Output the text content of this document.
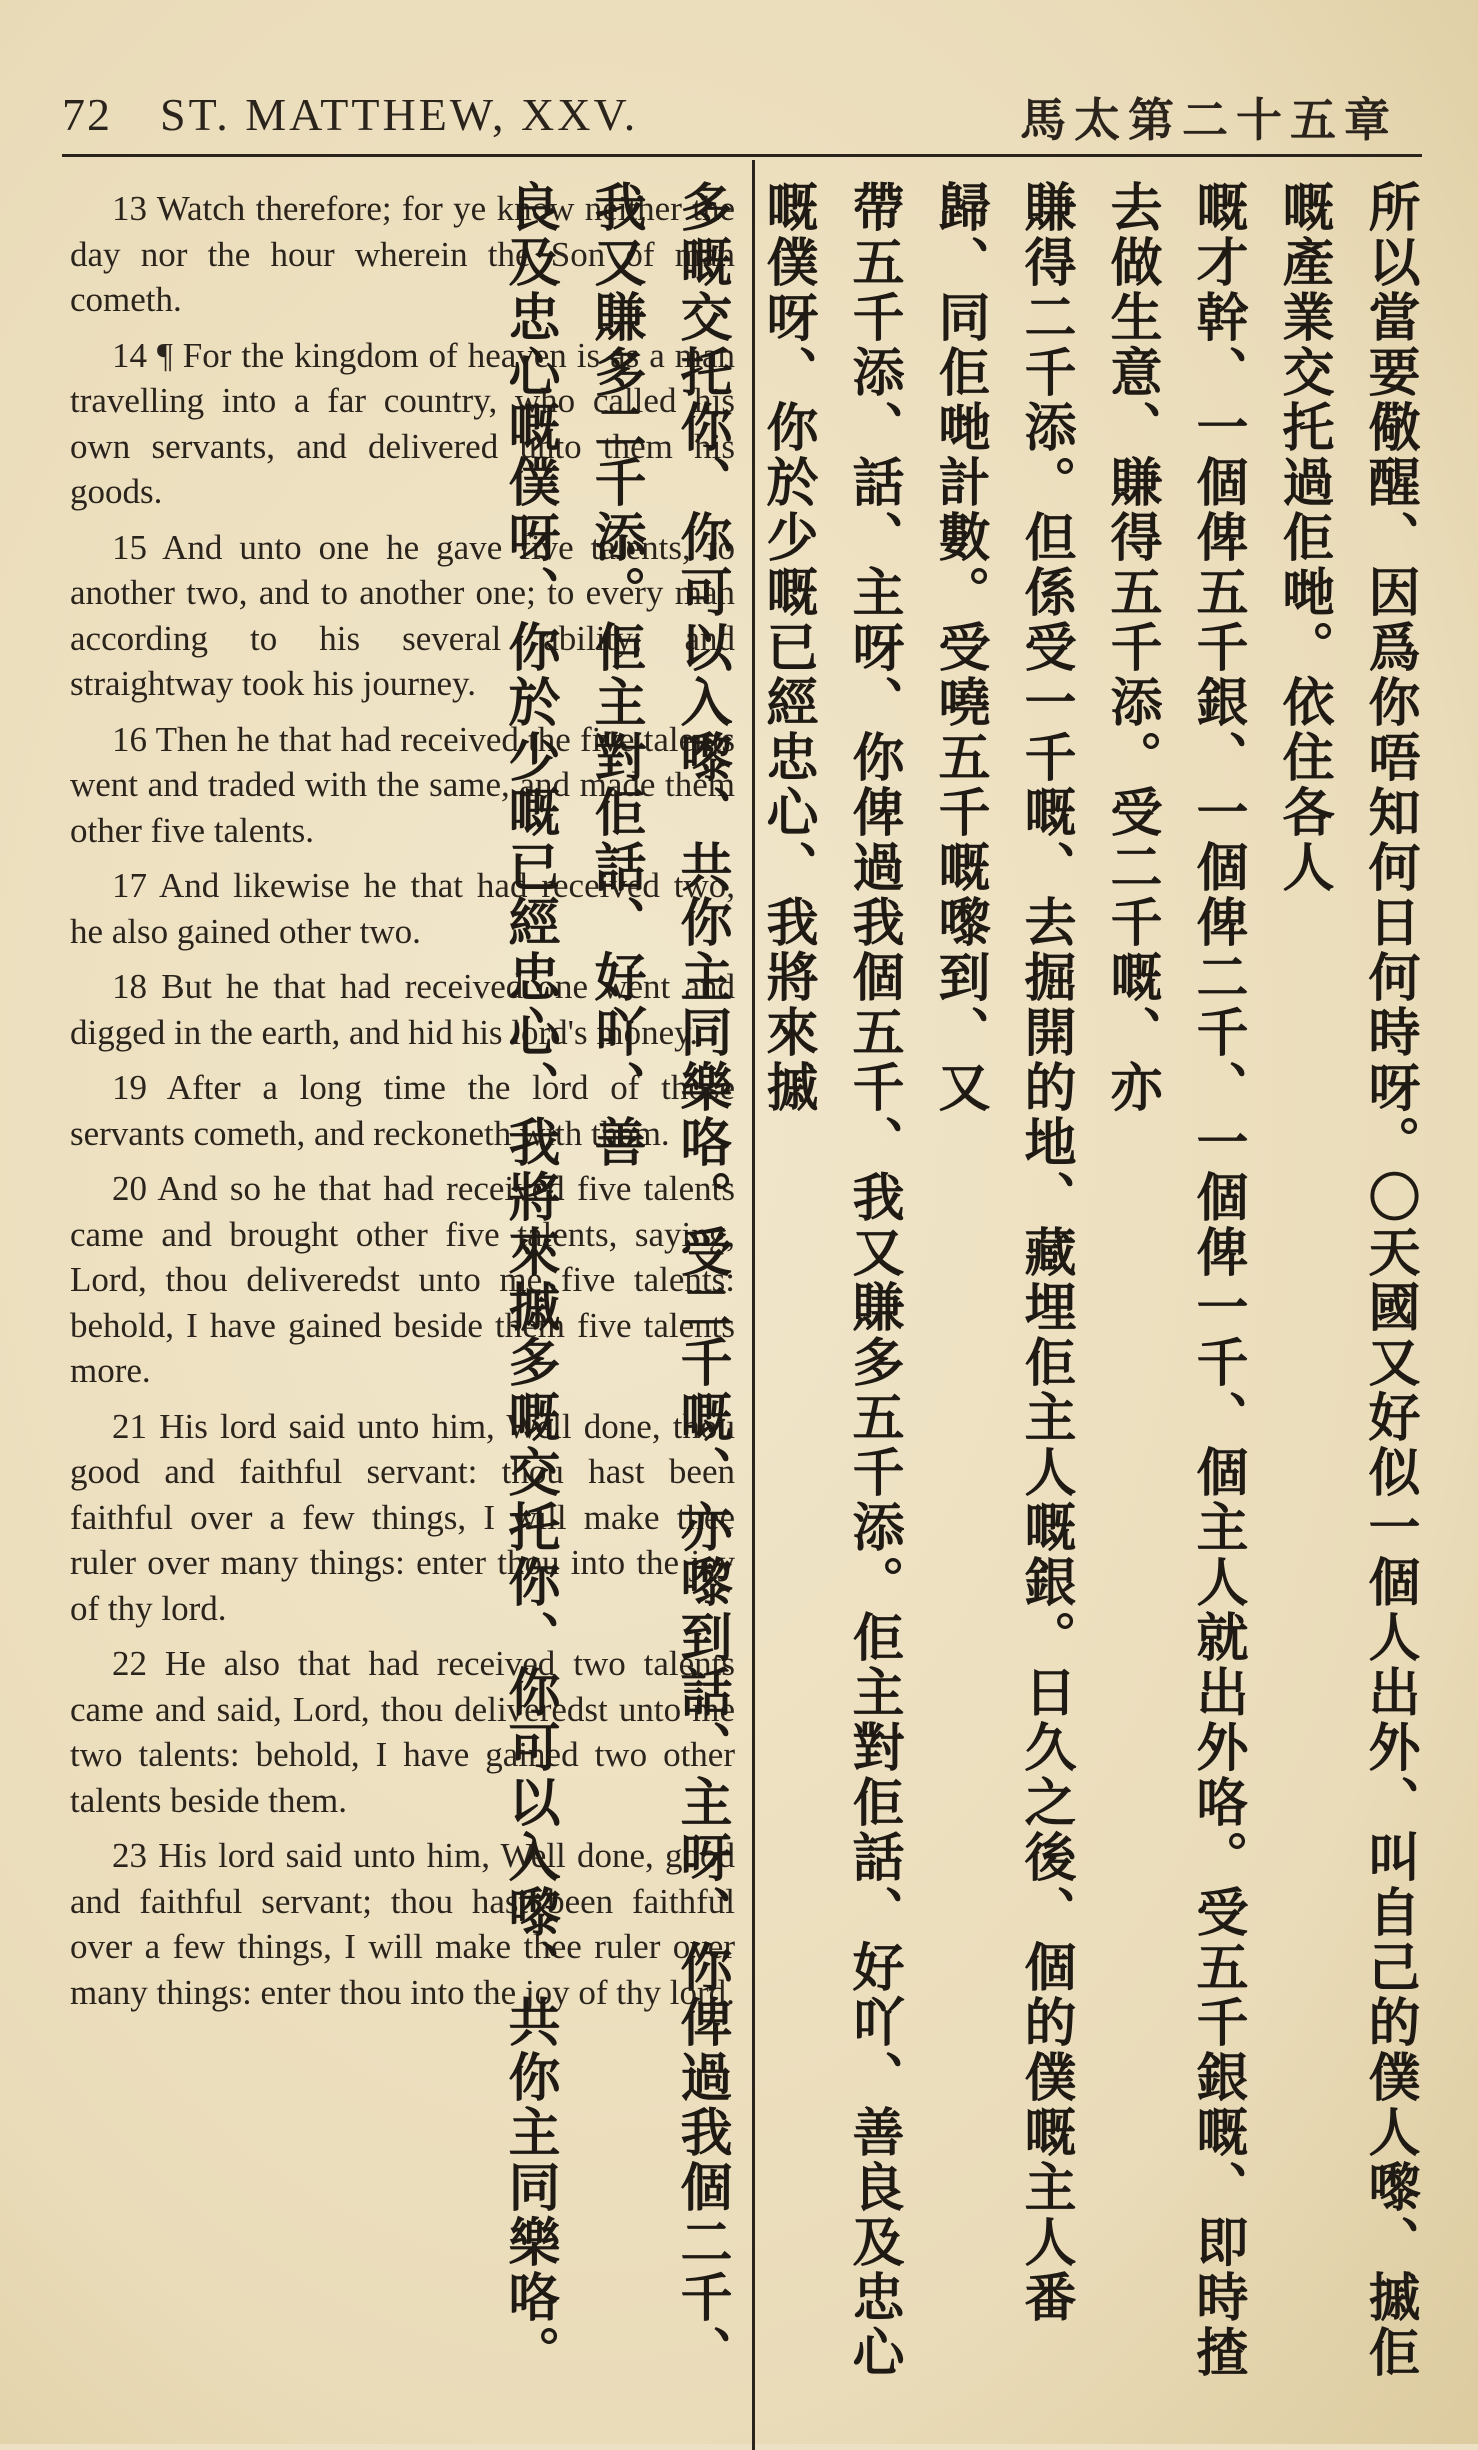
72 ST. MATTHEW, XXV.	馬太第二十五章

13 Watch therefore; for ye know neither the day nor the hour wherein the Son of man cometh.

14 ¶ For the kingdom of heaven is as a man travelling into a far country, who called his own servants, and delivered unto them his goods.

15 And unto one he gave five talents, to another two, and to another one; to every man according to his several ability; and straightway took his journey.

16 Then he that had received the five talents went and traded with the same, and made them other five talents.

17 And likewise he that had received two, he also gained other two.

18 But he that had received one went and digged in the earth, and hid his lord's money.

19 After a long time the lord of those servants cometh, and reckoneth with them.

20 And so he that had received five talents came and brought other five talents, saying, Lord, thou deliveredst unto me five talents: behold, I have gained beside them five talents more.

21 His lord said unto him, Well done, thou good and faithful servant: thou hast been faithful over a few things, I will make thee ruler over many things: enter thou into the joy of thy lord.

22 He also that had received two talents came and said, Lord, thou deliveredst unto me two talents: behold, I have gained two other talents beside them.

23 His lord said unto him, Well done, good and faithful servant; thou hast been faithful over a few things, I will make thee ruler over many things: enter thou into the joy of thy lord.	所以當要儆醒、因爲你唔知何日何時呀。〇天國又好似一個人出外、叫自己的僕人嚟、摵佢嘅產業交托過佢哋。依住各人
嘅才幹、一個俾五千銀、一個俾二千、一個俾一千、個主人就出外咯。受五千銀嘅、即時揸去做生意、賺得五千添。受二千嘅、亦
賺得二千添。但係受一千嘅、去掘開的地、藏埋佢主人嘅銀。日久之後、個的僕嘅主人番歸、同佢哋計數。受嘵五千嘅嚟到、又
帶五千添、話、主呀、你俾過我個五千、我又賺多五千添。佢主對佢話、好吖、善良及忠心嘅僕呀、你於少嘅已經忠心、我將來摵
多嘅交托你、你可以入嚟、共你主同樂咯。受二千嘅、亦嚟到話、主呀、你俾過我個二千、我又賺多二千添。佢主對佢話、好吖、善
良及忠心嘅僕呀、你於少嘅已經忠心、我將來摵多嘅交托你、你可以入嚟、共你主同樂咯。
